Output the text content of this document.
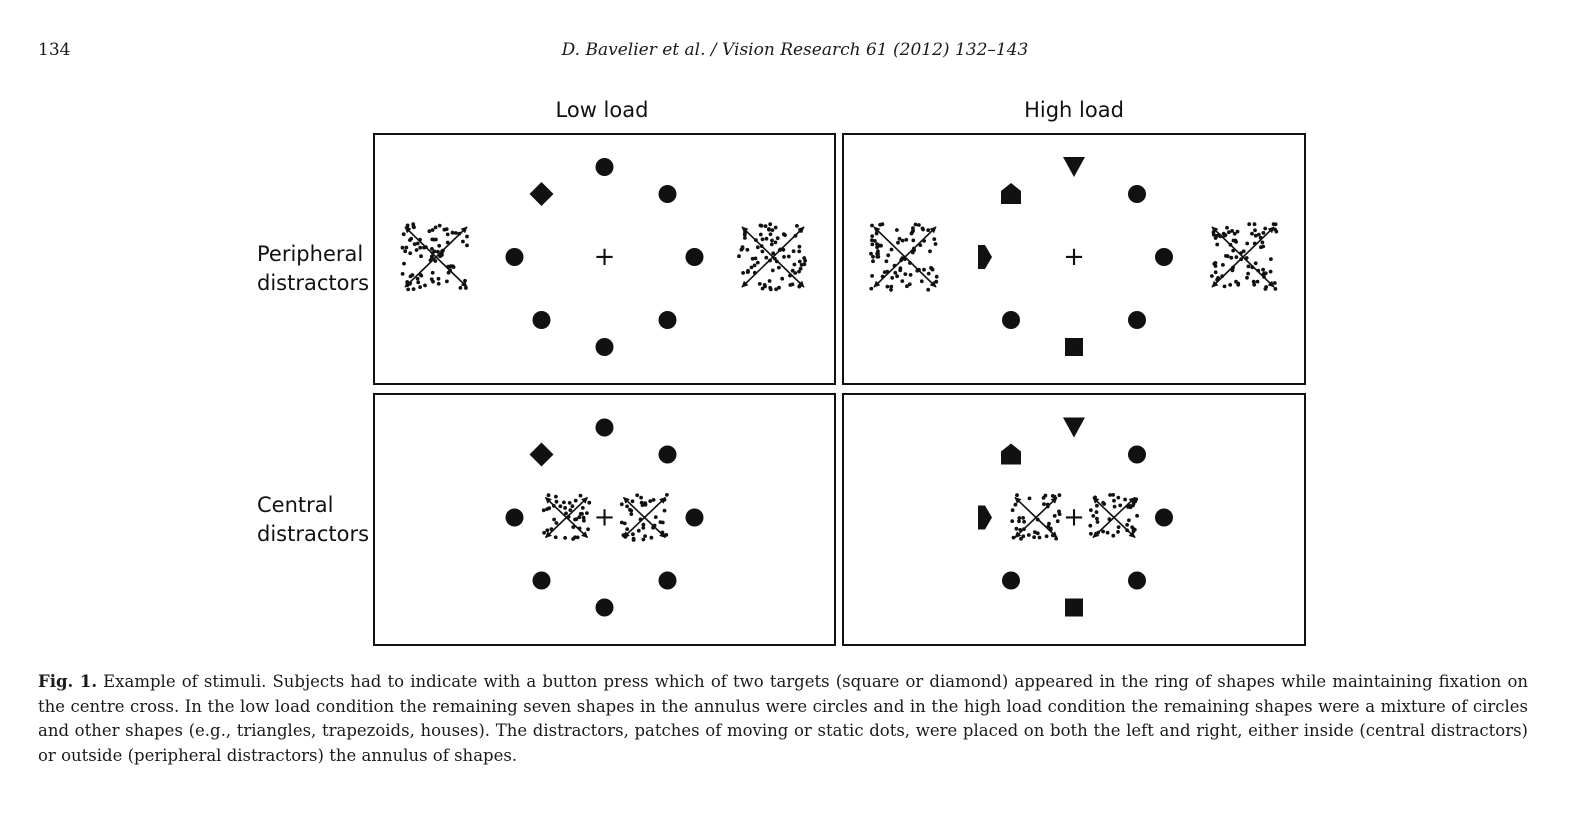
134	D. Bavelier et al. / Vision Research 61 (2012) 132–143
Low load	High load
Peripheral
distractors
Central
distractors
+	+
+	+
Fig. 1. Example of stimuli. Subjects had to indicate with a button press which of two targets (square or diamond) appeared in the ring of shapes while maintaining fixation on the centre cross. In the low load condition the remaining seven shapes in the annulus were circles and in the high load condition the remaining shapes were a mixture of circles and other shapes (e.g., triangles, trapezoids, houses). The distractors, patches of moving or static dots, were placed on both the left and right, either inside (central distractors) or outside (peripheral distractors) the annulus of shapes.
